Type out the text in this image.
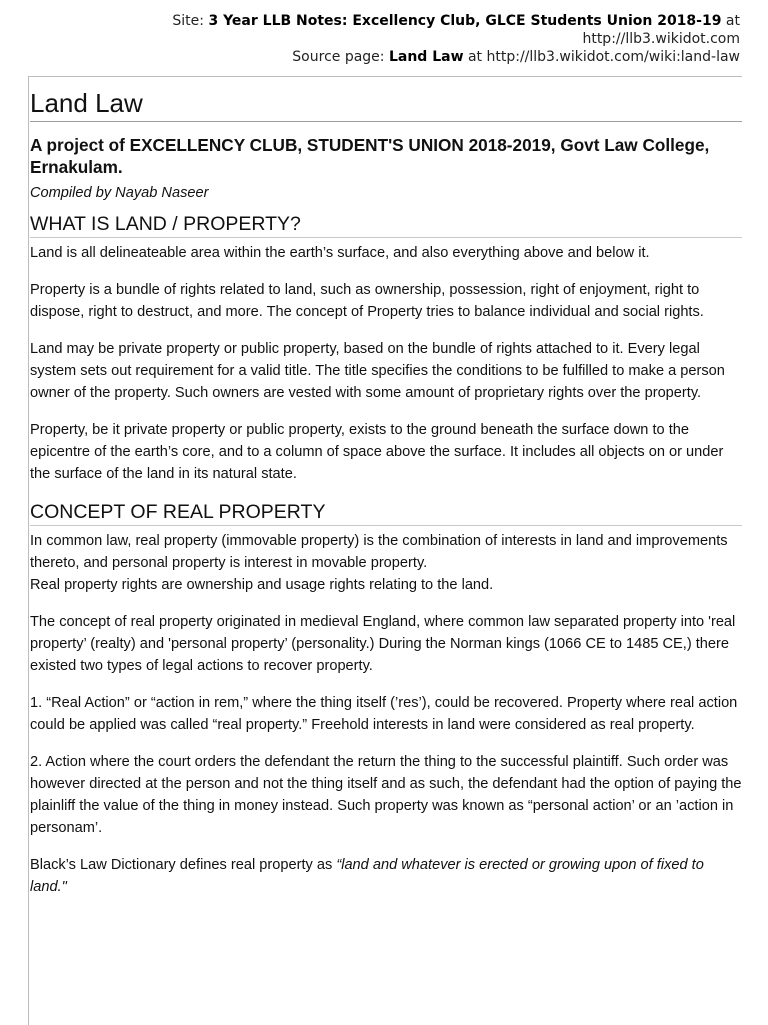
Site: 3 Year LLB Notes: Excellency Club, GLCE Students Union 2018-19 at
http://llb3.wikidot.com
Source page: Land Law at http://llb3.wikidot.com/wiki:land-law
Land Law
A project of EXCELLENCY CLUB, STUDENT'S UNION 2018-2019, Govt Law College, Ernakulam.
Compiled by Nayab Naseer
WHAT IS LAND / PROPERTY?

Land is all delineateable area within the earth’s surface, and also everything above and below it.

Property is a bundle of rights related to land, such as ownership, possession, right of enjoyment, right to dispose, right to destruct, and more. The concept of Property tries to balance individual and social rights.

Land may be private property or public property, based on the bundle of rights attached to it. Every legal system sets out requirement for a valid title. The title specifies the conditions to be fulfilled to make a person owner of the property. Such owners are vested with some amount of proprietary rights over the property.

Property, be it private property or public property, exists to the ground beneath the surface down to the epicentre of the earth’s core, and to a column of space above the surface. It includes all objects on or under the surface of the land in its natural state.

CONCEPT OF REAL PROPERTY

In common law, real property (immovable property) is the combination of interests in land and improvements thereto, and personal property is interest in movable property.

Real property rights are ownership and usage rights relating to the land.

The concept of real property originated in medieval England, where common law separated property into 'real property’ (realty) and 'personal property’ (personality.) During the Norman kings (1066 CE to 1485 CE,) there existed two types of legal actions to recover property.

1. “Real Action” or “action in rem,” where the thing itself (’res’), could be recovered. Property where real action could be applied was called “real property.” Freehold interests in land were considered as real property.

2. Action where the court orders the defendant the return the thing to the successful plaintiff. Such order was however directed at the person and not the thing itself and as such, the defendant had the option of paying the plainliff the value of the thing in money instead. Such property was known as “personal action’ or an ’action in personam’.

Black’s Law Dictionary defines real property as “land and whatever is erected or growing upon of fixed to land."
